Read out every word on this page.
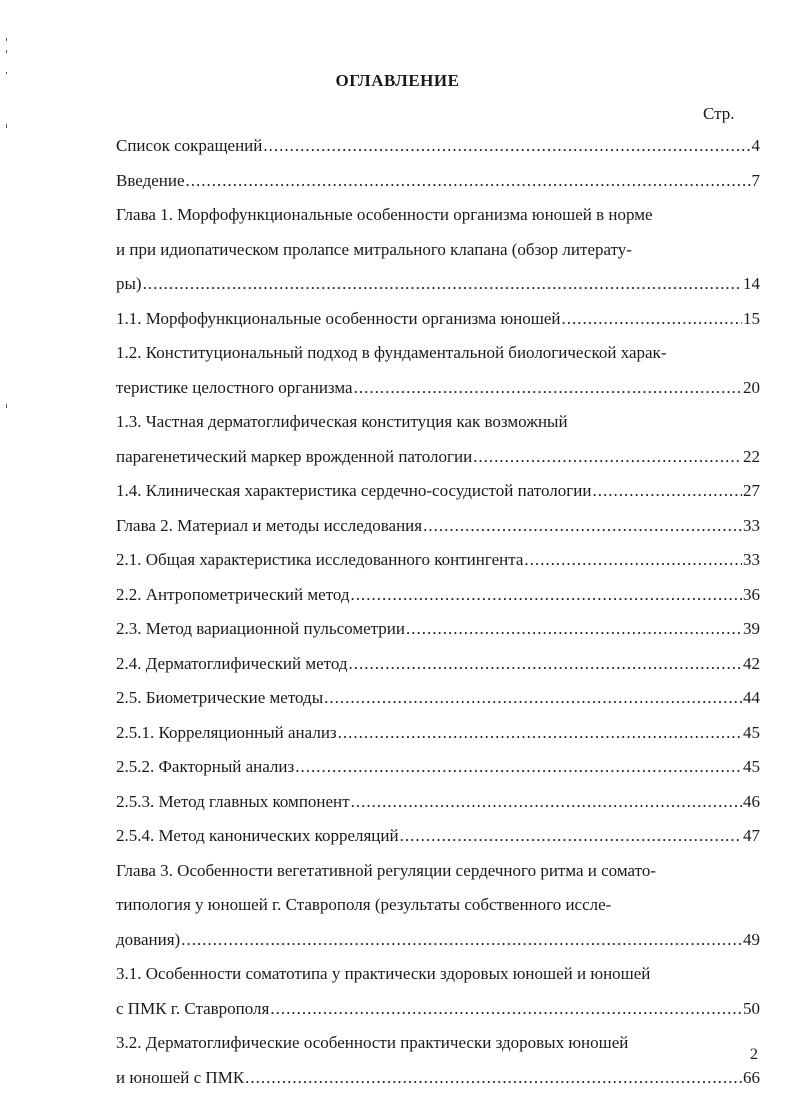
ОГЛАВЛЕНИЕ
Стр.
Список сокращений .....	4
Введение .....	7
Глава 1. Морфофункциональные особенности организма юношей в норме
и при идиопатическом пролапсе митрального клапана (обзор литерату-
ры) .....	14
1.1. Морфофункциональные особенности организма юношей .....	15
1.2. Конституциональный подход в фундаментальной биологической харак-
теристике целостного организма .....	20
1.3. Частная дерматоглифическая конституция как возможный
парагенетический маркер врожденной патологии .....	22
1.4. Клиническая характеристика сердечно-сосудистой патологии .....	27
Глава 2. Материал и методы исследования .....	33
2.1. Общая характеристика исследованного контингента .....	33
2.2. Антропометрический метод .....	36
2.3. Метод вариационной пульсометрии .....	39
2.4. Дерматоглифический метод .....	42
2.5. Биометрические методы .....	44
2.5.1. Корреляционный анализ .....	45
2.5.2. Факторный анализ .....	45
2.5.3. Метод главных компонент .....	46
2.5.4. Метод канонических корреляций .....	47
Глава 3. Особенности вегетативной регуляции сердечного ритма и сомато-
типология у юношей г. Ставрополя (результаты собственного иссле-
дования) .....	49
3.1. Особенности соматотипа у практически здоровых юношей и юношей
с ПМК г. Ставрополя .....	50
3.2. Дерматоглифические особенности практически здоровых юношей
и юношей с ПМК .....	66
2
